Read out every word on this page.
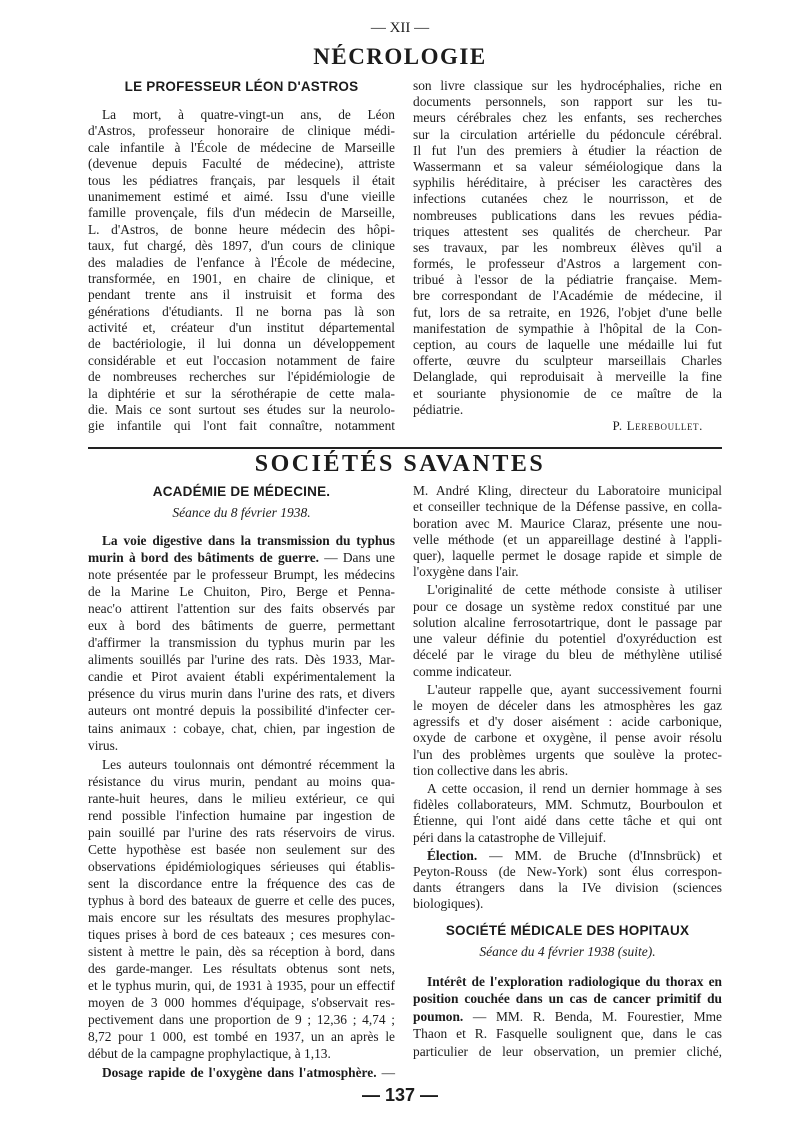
— XII —
NÉCROLOGIE
LE PROFESSEUR LÉON D'ASTROS
La mort, à quatre-vingt-un ans, de Léon
d'Astros, professeur honoraire de clinique médi-
cale infantile à l'École de médecine de Marseille
(devenue depuis Faculté de médecine), attriste
tous les pédiatres français, par lesquels il était
unanimement estimé et aimé. Issu d'une vieille
famille provençale, fils d'un médecin de Marseille,
L. d'Astros, de bonne heure médecin des hôpi-
taux, fut chargé, dès 1897, d'un cours de clinique
des maladies de l'enfance à l'École de médecine,
transformée, en 1901, en chaire de clinique, et
pendant trente ans il instruisit et forma des
générations d'étudiants. Il ne borna pas là son
activité et, créateur d'un institut départemental
de bactériologie, il lui donna un développement
considérable et eut l'occasion notamment de faire
de nombreuses recherches sur l'épidémiologie de
la diphtérie et sur la sérothérapie de cette mala-
die. Mais ce sont surtout ses études sur la neurolo-
gie infantile qui l'ont fait connaître, notamment
son livre classique sur les hydrocéphalies, riche en
documents personnels, son rapport sur les tu-
meurs cérébrales chez les enfants, ses recherches
sur la circulation artérielle du pédoncule cérébral.
Il fut l'un des premiers à étudier la réaction de
Wassermann et sa valeur séméiologique dans la
syphilis héréditaire, à préciser les caractères des
infections cutanées chez le nourrisson, et de
nombreuses publications dans les revues pédia-
triques attestent ses qualités de chercheur. Par
ses travaux, par les nombreux élèves qu'il a
formés, le professeur d'Astros a largement con-
tribué à l'essor de la pédiatrie française. Mem-
bre correspondant de l'Académie de médecine, il
fut, lors de sa retraite, en 1926, l'objet d'une belle
manifestation de sympathie à l'hôpital de la Con-
ception, au cours de laquelle une médaille lui fut
offerte, œuvre du sculpteur marseillais Charles
Delanglade, qui reproduisait à merveille la fine
et souriante physionomie de ce maître de la
pédiatrie.
P. Lereboullet.
SOCIÉTÉS SAVANTES
ACADÉMIE DE MÉDECINE.
Séance du 8 février 1938.
La voie digestive dans la transmission du typhus
murin à bord des bâtiments de guerre. — Dans une
note présentée par le professeur Brumpt, les médecins
de la Marine Le Chuiton, Piro, Berge et Penna-
neac'o attirent l'attention sur des faits observés par
eux à bord des bâtiments de guerre, permettant
d'affirmer la transmission du typhus murin par les
aliments souillés par l'urine des rats. Dès 1933, Mar-
candie et Pirot avaient établi expérimentalement la
présence du virus murin dans l'urine des rats, et divers
auteurs ont montré depuis la possibilité d'infecter cer-
tains animaux : cobaye, chat, chien, par ingestion de
virus.
Les auteurs toulonnais ont démontré récemment la
résistance du virus murin, pendant au moins qua-
rante-huit heures, dans le milieu extérieur, ce qui
rend possible l'infection humaine par ingestion de
pain souillé par l'urine des rats réservoirs de virus.
Cette hypothèse est basée non seulement sur des
observations épidémiologiques sérieuses qui établis-
sent la discordance entre la fréquence des cas de
typhus à bord des bateaux de guerre et celle des puces,
mais encore sur les résultats des mesures prophylac-
tiques prises à bord de ces bateaux ; ces mesures con-
sistent à mettre le pain, dès sa réception à bord, dans
des garde-manger. Les résultats obtenus sont nets,
et le typhus murin, qui, de 1931 à 1935, pour un effectif
moyen de 3 000 hommes d'équipage, s'observait res-
pectivement dans une proportion de 9 ; 12,36 ; 4,74 ;
8,72 pour 1 000, est tombé en 1937, un an après le
début de la campagne prophylactique, à 1,13.
Dosage rapide de l'oxygène dans l'atmosphère. —
M. André Kling, directeur du Laboratoire municipal
et conseiller technique de la Défense passive, en colla-
boration avec M. Maurice Claraz, présente une nou-
velle méthode (et un appareillage destiné à l'appli-
quer), laquelle permet le dosage rapide et simple de
l'oxygène dans l'air.
L'originalité de cette méthode consiste à utiliser
pour ce dosage un système redox constitué par une
solution alcaline ferrosotartrique, dont le passage par
une valeur définie du potentiel d'oxyréduction est
décelé par le virage du bleu de méthylène utilisé
comme indicateur.
L'auteur rappelle que, ayant successivement fourni
le moyen de déceler dans les atmosphères les gaz
agressifs et d'y doser aisément : acide carbonique,
oxyde de carbone et oxygène, il pense avoir résolu
l'un des problèmes urgents que soulève la protec-
tion collective dans les abris.
A cette occasion, il rend un dernier hommage à ses
fidèles collaborateurs, MM. Schmutz, Bourboulon et
Étienne, qui l'ont aidé dans cette tâche et qui ont
péri dans la catastrophe de Villejuif.
Élection. — MM. de Bruche (d'Innsbrück) et
Peyton-Rouss (de New-York) sont élus correspon-
dants étrangers dans la IVe division (sciences
biologiques).
SOCIÉTÉ MÉDICALE DES HOPITAUX
Séance du 4 février 1938 (suite).
Intérêt de l'exploration radiologique du thorax en
position couchée dans un cas de cancer primitif du
poumon. — MM. R. Benda, M. Fourestier, Mme
Thaon et R. Fasquelle soulignent que, dans le cas
particulier de leur observation, un premier cliché,
— 137 —
